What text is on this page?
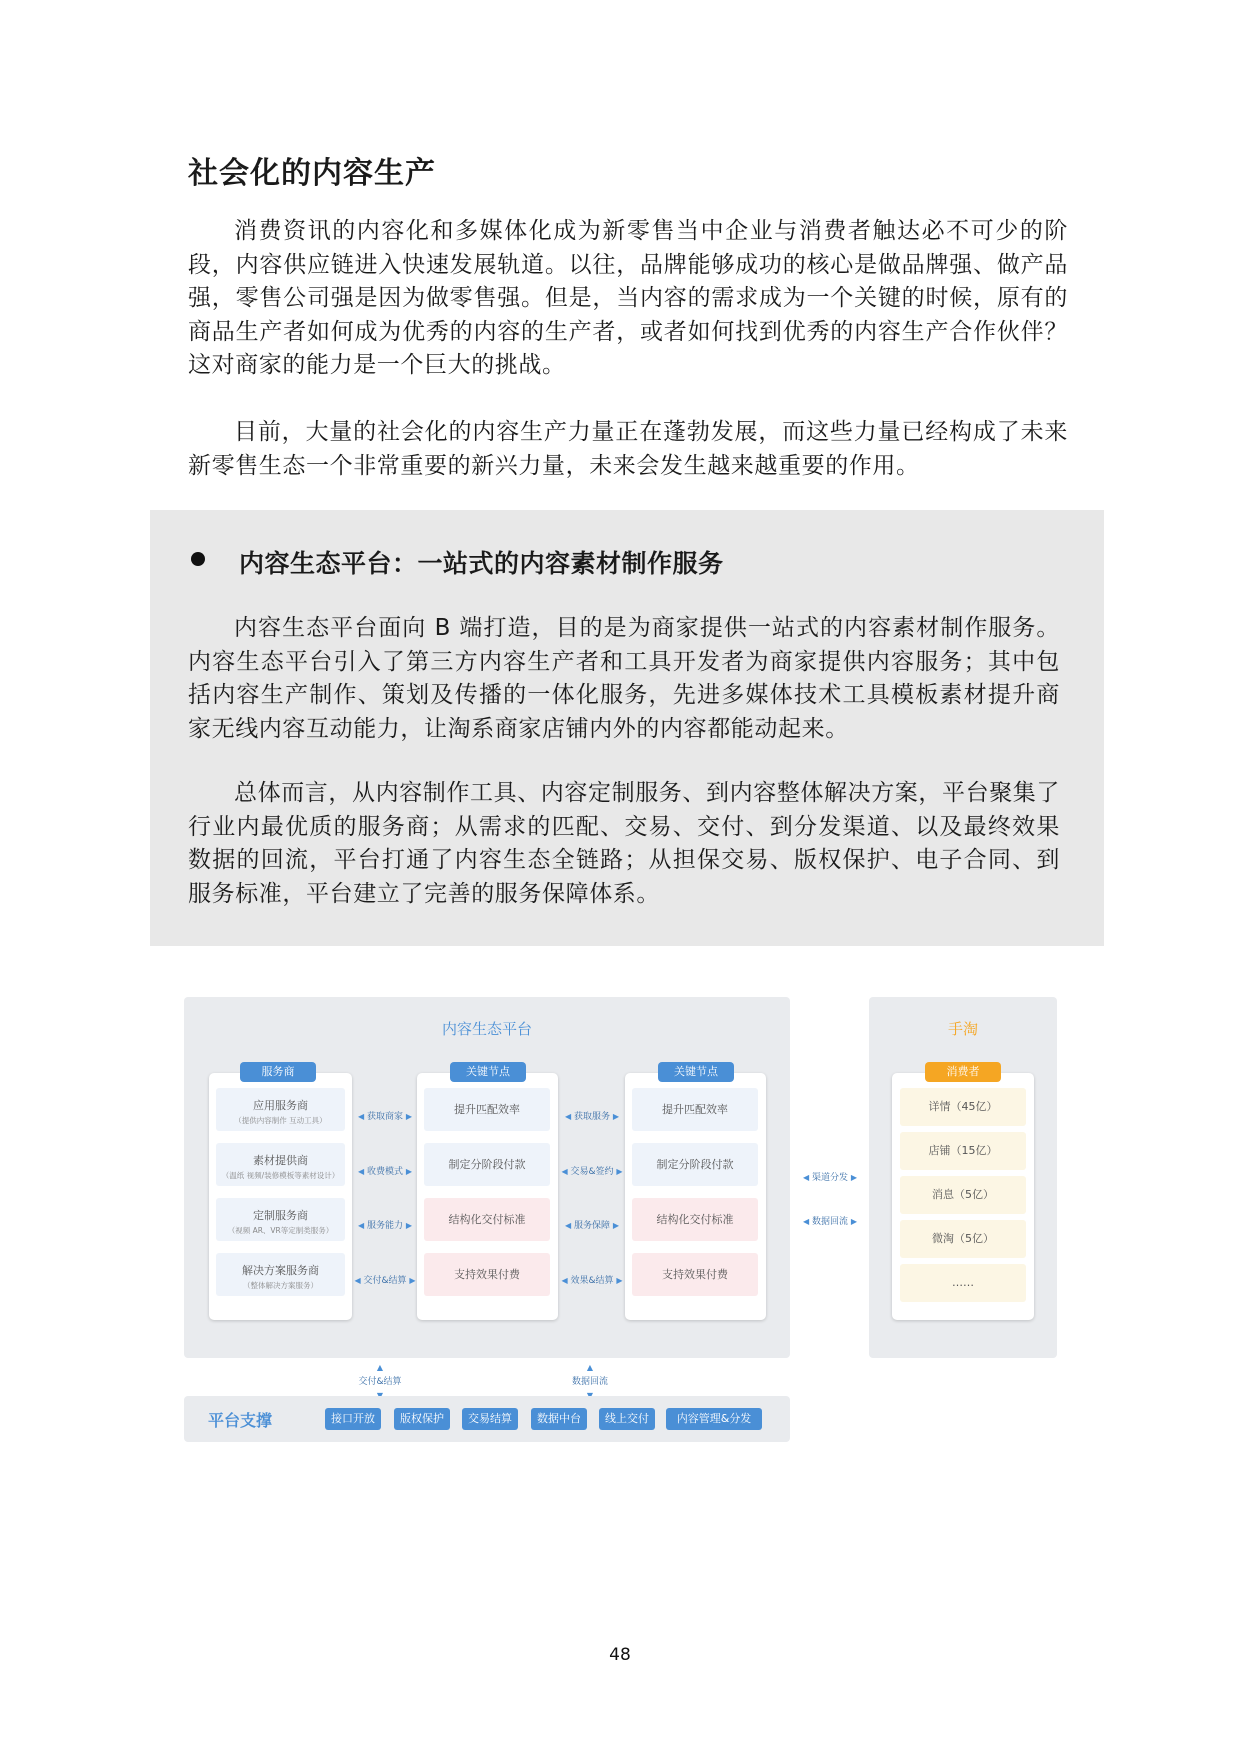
社会化的内容生产
消费资讯的内容化和多媒体化成为新零售当中企业与消费者触达必不可少的阶段，内容供应链进入快速发展轨道。以往，品牌能够成功的核心是做品牌强、做产品强，零售公司强是因为做零售强。但是，当内容的需求成为一个关键的时候，原有的商品生产者如何成为优秀的内容的生产者，或者如何找到优秀的内容生产合作伙伴？这对商家的能力是一个巨大的挑战。
目前，大量的社会化的内容生产力量正在蓬勃发展，而这些力量已经构成了未来新零售生态一个非常重要的新兴力量，未来会发生越来越重要的作用。
内容生态平台：一站式的内容素材制作服务
内容生态平台面向 B 端打造，目的是为商家提供一站式的内容素材制作服务。内容生态平台引入了第三方内容生产者和工具开发者为商家提供内容服务；其中包括内容生产制作、策划及传播的一体化服务，先进多媒体技术工具模板素材提升商家无线内容互动能力，让淘系商家店铺内外的内容都能动起来。
总体而言，从内容制作工具、内容定制服务、到内容整体解决方案，平台聚集了行业内最优质的服务商；从需求的匹配、交易、交付、到分发渠道、以及最终效果数据的回流，平台打通了内容生态全链路；从担保交易、版权保护、电子合同、到服务标准，平台建立了完善的服务保障体系。
内容生态平台
应用服务商
（提供内容制作 互动工具）
素材提供商
（温纸 视频/装修模板等素材设计）
定制服务商
（视频 AR、VR等定制类服务）
解决方案服务商
（整体解决方案服务）
服务商
◀ 获取商家 ▶
◀ 收费模式 ▶
◀ 服务能力 ▶
◀ 交付&结算 ▶
提升匹配效率
制定分阶段付款
结构化交付标准
支持效果付费
关键节点
◀ 获取服务 ▶
◀ 交易&签约 ▶
◀ 服务保障 ▶
◀ 效果&结算 ▶
提升匹配效率
制定分阶段付款
结构化交付标准
支持效果付费
关键节点
◀ 渠道分发 ▶
◀ 数据回流 ▶
手淘
详情（45亿）
店铺（15亿）
消息（5亿）
微淘（5亿）
……
消费者
▲
交付&结算
▲
数据回流
平台支撑	接口开放	版权保护	交易结算	数据中台	线上交付	内容管理&分发
48
